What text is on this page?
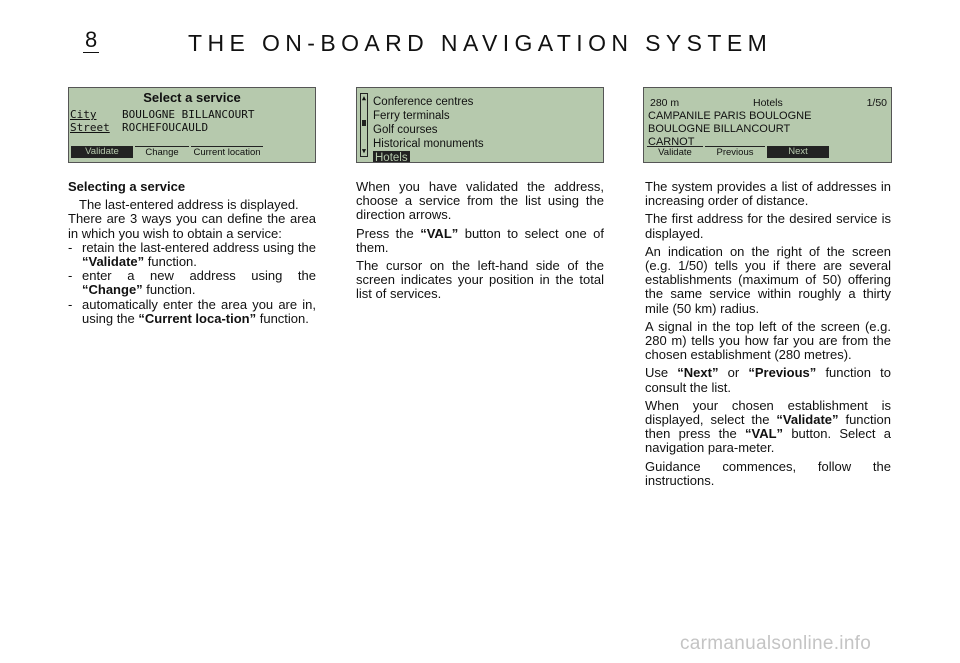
8	THE ON-BOARD NAVIGATION SYSTEM
Select a service
City BOULOGNE BILLANCOURT
Street ROCHEFOUCAULD
Validate	Change	Current location
▲
▼
Conference centres
Ferry terminals
Golf courses
Historical monuments
Hotels
280 m	Hotels	1/50
CAMPANILE PARIS BOULOGNE
BOULOGNE BILLANCOURT
CARNOT
Validate	Previous	Next

Selecting a service

The last-entered address is displayed.

There are 3 ways you can define the area in which you wish to obtain a service:

- retain the last-entered address using the “Validate” function.
- enter a new address using the “Change” function.
- automatically enter the area you are in, using the “Current loca-tion” function.

When you have validated the address, choose a service from the list using the direction arrows.

Press the “VAL” button to select one of them.

The cursor on the left-hand side of the screen indicates your position in the total list of services.

The system provides a list of addresses in increasing order of distance.

The first address for the desired service is displayed.

An indication on the right of the screen (e.g. 1/50) tells you if there are several establishments (maximum of 50) offering the same service within roughly a thirty mile (50 km) radius.

A signal in the top left of the screen (e.g. 280 m) tells you how far you are from the chosen establishment (280 metres).

Use “Next” or “Previous” function to consult the list.

When your chosen establishment is displayed, select the “Validate” function then press the “VAL” button. Select a navigation para-meter.

Guidance commences, follow the instructions.

carmanualsonline.info
